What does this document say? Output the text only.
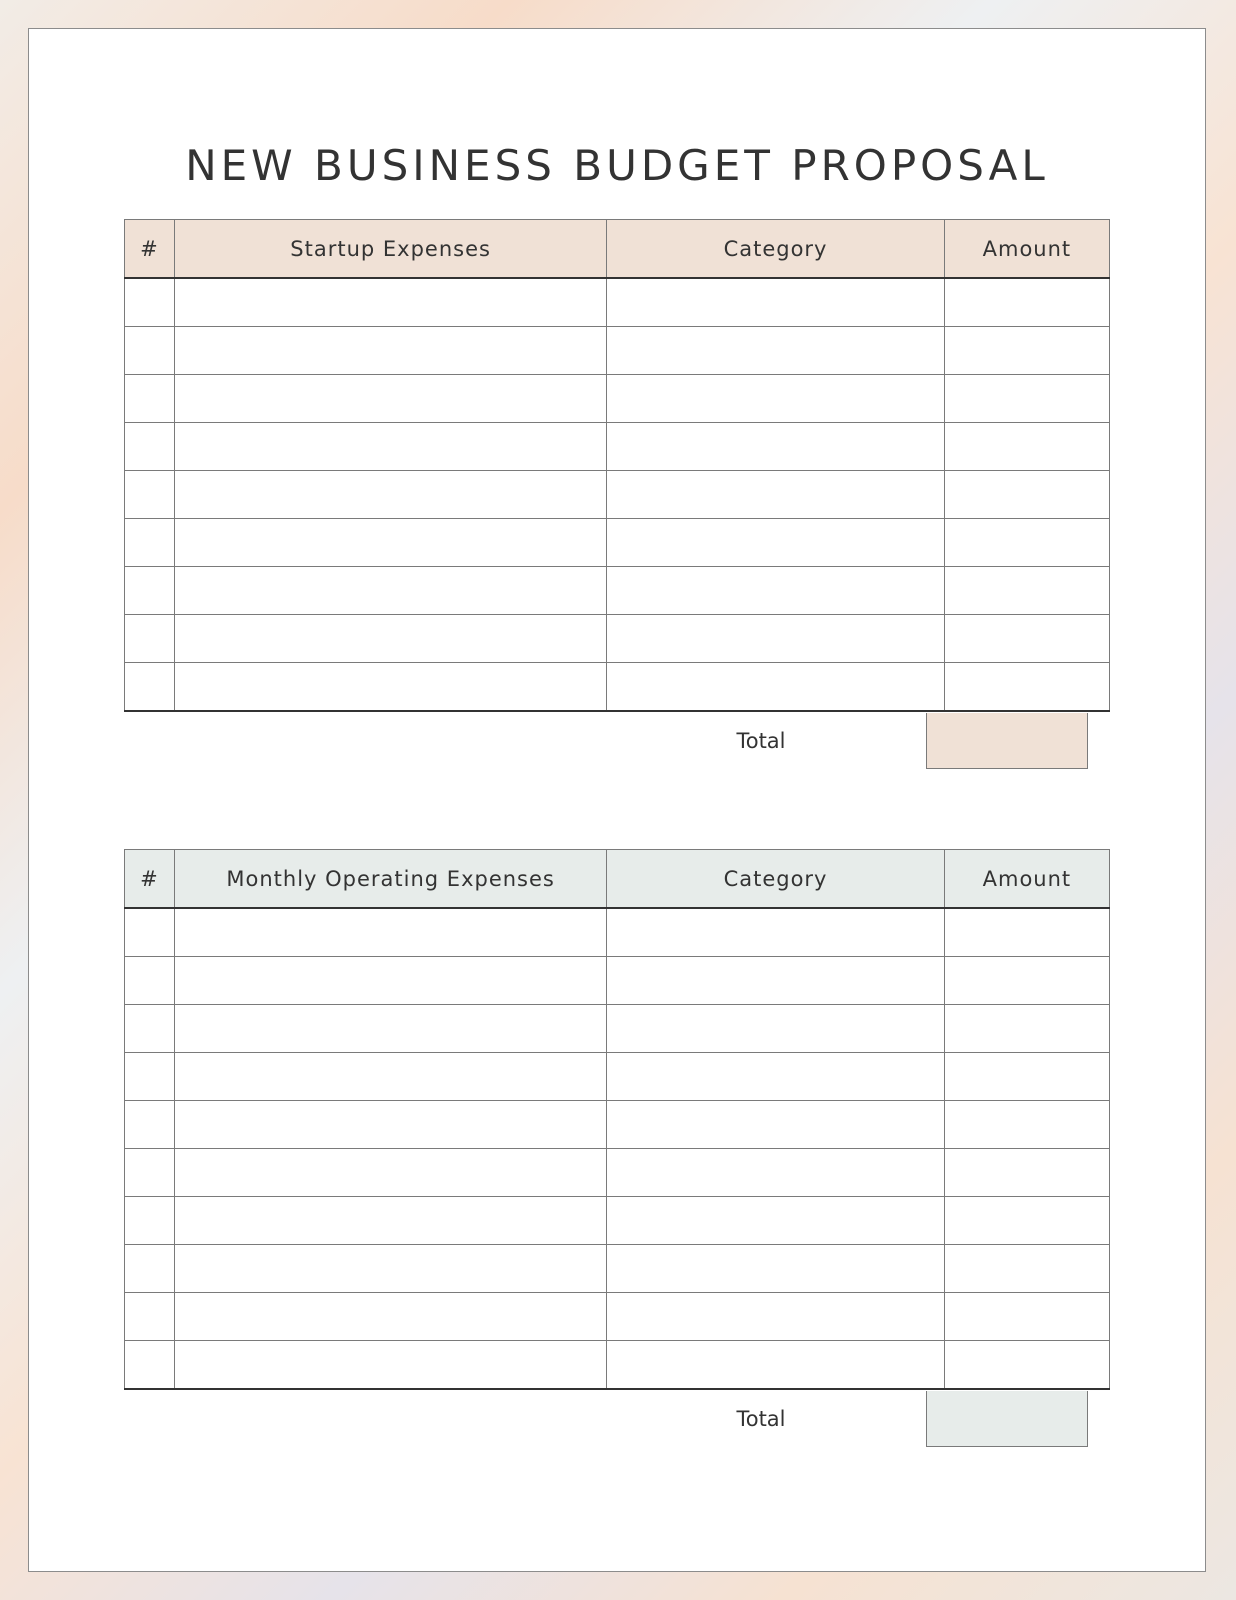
NEW BUSINESS BUDGET PROPOSAL
#	Startup Expenses	Category	Amount

Total
#	Monthly Operating Expenses	Category	Amount

Total
